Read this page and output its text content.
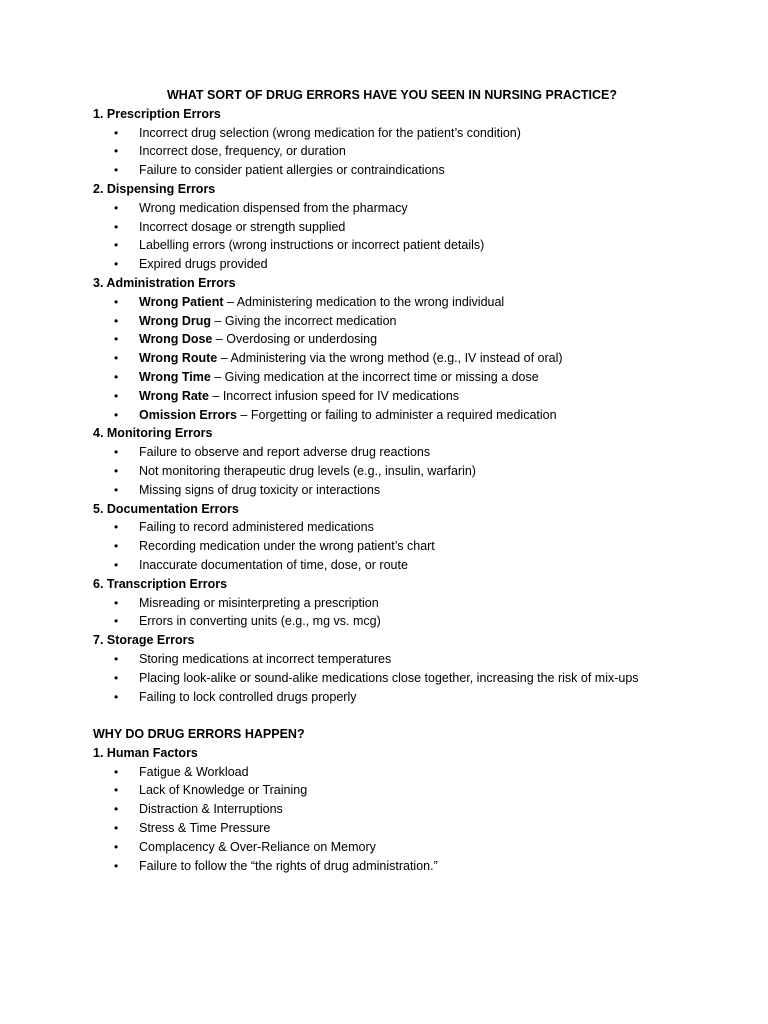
WHAT SORT OF DRUG ERRORS HAVE YOU SEEN IN NURSING PRACTICE?
1. Prescription Errors
• Incorrect drug selection (wrong medication for the patient’s condition)
• Incorrect dose, frequency, or duration
• Failure to consider patient allergies or contraindications
2. Dispensing Errors
• Wrong medication dispensed from the pharmacy
• Incorrect dosage or strength supplied
• Labelling errors (wrong instructions or incorrect patient details)
• Expired drugs provided
3. Administration Errors
• Wrong Patient – Administering medication to the wrong individual
• Wrong Drug – Giving the incorrect medication
• Wrong Dose – Overdosing or underdosing
• Wrong Route – Administering via the wrong method (e.g., IV instead of oral)
• Wrong Time – Giving medication at the incorrect time or missing a dose
• Wrong Rate – Incorrect infusion speed for IV medications
• Omission Errors – Forgetting or failing to administer a required medication
4. Monitoring Errors
• Failure to observe and report adverse drug reactions
• Not monitoring therapeutic drug levels (e.g., insulin, warfarin)
• Missing signs of drug toxicity or interactions
5. Documentation Errors
• Failing to record administered medications
• Recording medication under the wrong patient’s chart
• Inaccurate documentation of time, dose, or route
6. Transcription Errors
• Misreading or misinterpreting a prescription
• Errors in converting units (e.g., mg vs. mcg)
7. Storage Errors
• Storing medications at incorrect temperatures
• Placing look-alike or sound-alike medications close together, increasing the risk of mix-ups
• Failing to lock controlled drugs properly
WHY DO DRUG ERRORS HAPPEN?
1. Human Factors
• Fatigue & Workload
• Lack of Knowledge or Training
• Distraction & Interruptions
• Stress & Time Pressure
• Complacency & Over-Reliance on Memory
• Failure to follow the “the rights of drug administration.”
